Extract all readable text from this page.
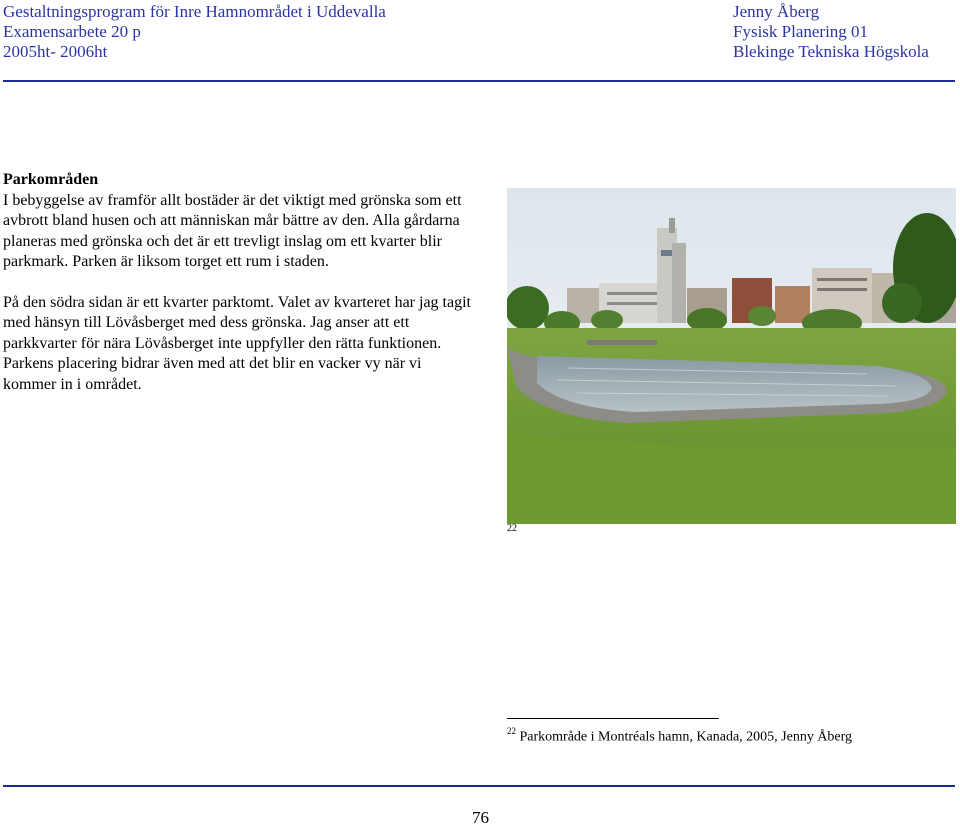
Gestaltningsprogram för Inre Hamnområdet i Uddevalla
Examensarbete 20 p
2005ht- 2006ht
Jenny Åberg
Fysisk Planering 01
Blekinge Tekniska Högskola
Parkområden
I bebyggelse av framför allt bostäder är det viktigt med grönska som ett avbrott bland husen och att människan mår bättre av den. Alla gårdarna planeras med grönska och det är ett trevligt inslag om ett kvarter blir parkmark. Parken är liksom torget ett rum i staden.
På den södra sidan är ett kvarter parktomt. Valet av kvarteret har jag tagit med hänsyn till Lövåsberget med dess grönska. Jag anser att ett parkkvarter för nära Lövåsberget inte uppfyller den rätta funktionen. Parkens placering bidrar även med att det blir en vacker vy när vi kommer in i området.
22
$^{22}$ Parkområde i Montréals hamn, Kanada, 2005, Jenny Åberg
76
